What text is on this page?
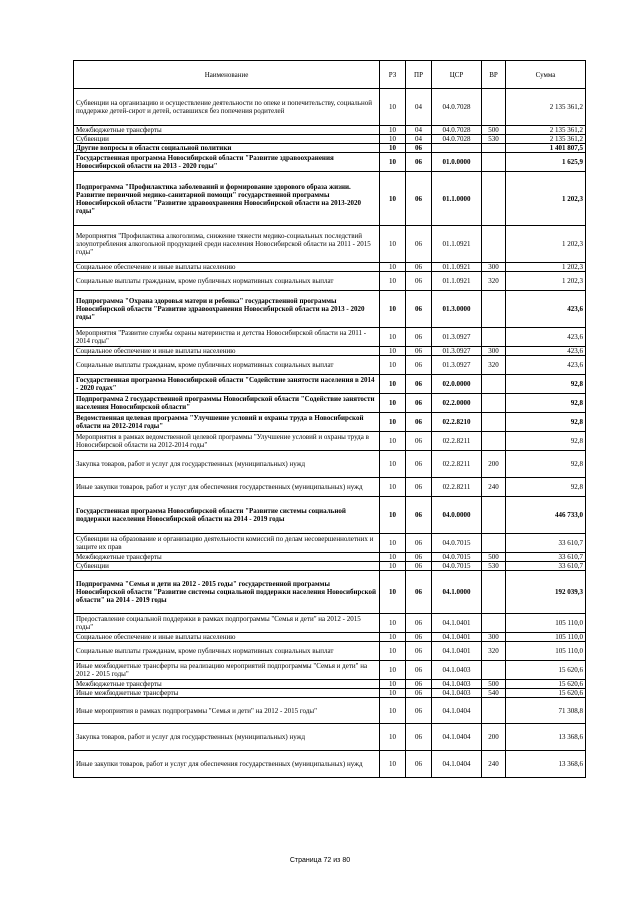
Наименование	РЗ	ПР	ЦСР	ВР	Сумма
Субвенции на организацию и осуществление деятельности по опеке и попечительству, социальной поддержке детей-сирот и детей, оставшихся без попечения родителей	10	04	04.0.7028		2 135 361,2
Межбюджетные трансферты	10	04	04.0.7028	500	2 135 361,2
Субвенции	10	04	04.0.7028	530	2 135 361,2
Другие вопросы в области социальной политики	10	06			1 401 807,5
Государственная программа Новосибирской области "Развитие здравоохранения Новосибирской области на 2013 - 2020 годы"	10	06	01.0.0000		1 625,9
Подпрограмма "Профилактика заболеваний и формирование здорового образа жизни. Развитие первичной медико-санитарной помощи" государственной программы Новосибирской области "Развитие здравоохранения Новосибирской области на 2013-2020 годы"	10	06	01.1.0000		1 202,3
Мероприятия "Профилактика алкоголизма, снижение тяжести медико-социальных последствий злоупотребления алкогольной продукцией среди населения Новосибирской области на 2011 - 2015 годы"	10	06	01.1.0921		1 202,3
Социальное обеспечение и иные выплаты населению	10	06	01.1.0921	300	1 202,3
Социальные выплаты гражданам, кроме публичных нормативных социальных выплат	10	06	01.1.0921	320	1 202,3
Подпрограмма "Охрана здоровья матери и ребенка" государственной программы Новосибирской области "Развитие здравоохранения Новосибирской области на 2013 - 2020 годы"	10	06	01.3.0000		423,6
Мероприятия "Развитие службы охраны материнства и детства Новосибирской области на 2011 - 2014 годы"	10	06	01.3.0927		423,6
Социальное обеспечение и иные выплаты населению	10	06	01.3.0927	300	423,6
Социальные выплаты гражданам, кроме публичных нормативных социальных выплат	10	06	01.3.0927	320	423,6
Государственная программа Новосибирской области "Содействие занятости населения в 2014 - 2020 годах"	10	06	02.0.0000		92,8
Подпрограмма 2 государственной программы Новосибирской области "Содействие занятости населения Новосибирской области"	10	06	02.2.0000		92,8
Ведомственная целевая программа "Улучшение условий и охраны труда в Новосибирской области на 2012-2014 годы"	10	06	02.2.8210		92,8
Мероприятия в рамках ведомственной целевой программы "Улучшение условий и охраны труда в Новосибирской области на 2012-2014 годы"	10	06	02.2.8211		92,8
Закупка товаров, работ и услуг для государственных (муниципальных) нужд	10	06	02.2.8211	200	92,8
Иные закупки товаров, работ и услуг для обеспечения государственных (муниципальных) нужд	10	06	02.2.8211	240	92,8
Государственная программа Новосибирской области "Развитие системы социальной поддержки населения Новосибирской области на 2014 - 2019 годы	10	06	04.0.0000		446 733,0
Субвенции на образование и организацию деятельности комиссий по делам несовершеннолетних и защите их прав	10	06	04.0.7015		33 610,7
Межбюджетные трансферты	10	06	04.0.7015	500	33 610,7
Субвенции	10	06	04.0.7015	530	33 610,7
Подпрограмма "Семья и дети на 2012 - 2015 годы" государственной программы Новосибирской области "Развитие системы социальной поддержки населения Новосибирской области" на 2014 - 2019 годы	10	06	04.1.0000		192 039,3
Предоставление социальной поддержки в рамках подпрограммы "Семья и дети" на 2012 - 2015 годы"	10	06	04.1.0401		105 110,0
Социальное обеспечение и иные выплаты населению	10	06	04.1.0401	300	105 110,0
Социальные выплаты гражданам, кроме публичных нормативных социальных выплат	10	06	04.1.0401	320	105 110,0
Иные межбюджетные трансферты на реализацию мероприятий подпрограммы "Семья и дети" на 2012 - 2015 годы"	10	06	04.1.0403		15 620,6
Межбюджетные трансферты	10	06	04.1.0403	500	15 620,6
Иные межбюджетные трансферты	10	06	04.1.0403	540	15 620,6
Иные мероприятия в рамках подпрограммы "Семья и дети" на 2012 - 2015 годы"	10	06	04.1.0404		71 308,8
Закупка товаров, работ и услуг для государственных (муниципальных) нужд	10	06	04.1.0404	200	13 368,6
Иные закупки товаров, работ и услуг для обеспечения государственных (муниципальных) нужд	10	06	04.1.0404	240	13 368,6
Страница 72 из 80
